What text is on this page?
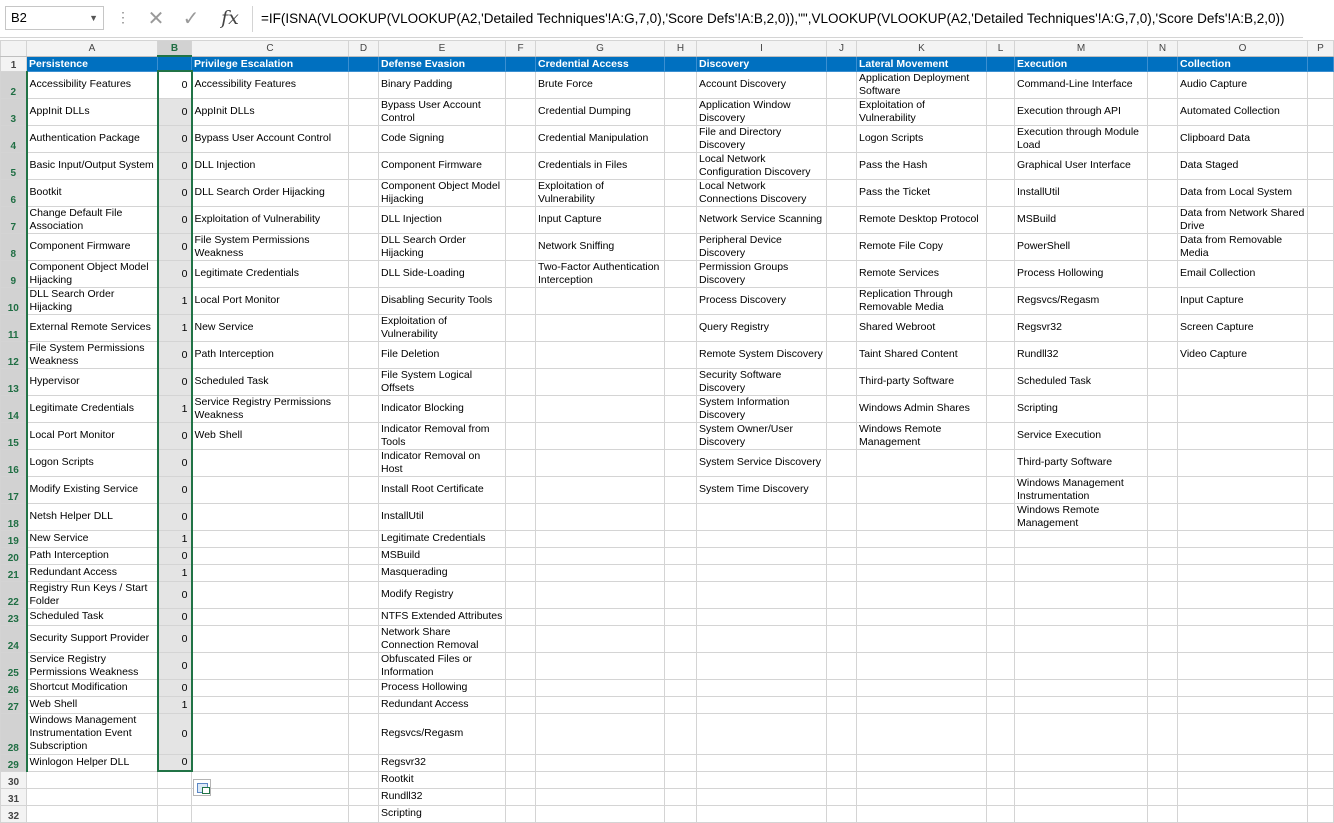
B2	▼ ⋮ ✕ ✓	fx	=IF(ISNA(VLOOKUP(VLOOKUP(A2,'Detailed Techniques'!A:G,7,0),'Score Defs'!A:B,2,0)),"",VLOOKUP(VLOOKUP(A2,'Detailed Techniques'!A:G,7,0),'Score Defs'!A:B,2,0))
	A	B	C	D	E	F	G	H	I	J	K	L	M	N	O	P
1	Persistence		Privilege Escalation		Defense Evasion		Credential Access		Discovery		Lateral Movement		Execution		Collection	
2	Accessibility Features	0	Accessibility Features		Binary Padding		Brute Force		Account Discovery		Application Deployment Software		Command-Line Interface		Audio Capture	
3	AppInit DLLs	0	AppInit DLLs		Bypass User Account Control		Credential Dumping		Application Window Discovery		Exploitation of Vulnerability		Execution through API		Automated Collection	
4	Authentication Package	0	Bypass User Account Control		Code Signing		Credential Manipulation		File and Directory Discovery		Logon Scripts		Execution through Module Load		Clipboard Data	
5	Basic Input/Output System	0	DLL Injection		Component Firmware		Credentials in Files		Local Network Configuration Discovery		Pass the Hash		Graphical User Interface		Data Staged	
6	Bootkit	0	DLL Search Order Hijacking		Component Object Model Hijacking		Exploitation of Vulnerability		Local Network Connections Discovery		Pass the Ticket		InstallUtil		Data from Local System	
7	Change Default File Association	0	Exploitation of Vulnerability		DLL Injection		Input Capture		Network Service Scanning		Remote Desktop Protocol		MSBuild		Data from Network Shared Drive	
8	Component Firmware	0	File System Permissions Weakness		DLL Search Order Hijacking		Network Sniffing		Peripheral Device Discovery		Remote File Copy		PowerShell		Data from Removable Media	
9	Component Object Model Hijacking	0	Legitimate Credentials		DLL Side-Loading		Two-Factor Authentication Interception		Permission Groups Discovery		Remote Services		Process Hollowing		Email Collection	
10	DLL Search Order Hijacking	1	Local Port Monitor		Disabling Security Tools				Process Discovery		Replication Through Removable Media		Regsvcs/Regasm		Input Capture	
11	External Remote Services	1	New Service		Exploitation of Vulnerability				Query Registry		Shared Webroot		Regsvr32		Screen Capture	
12	File System Permissions Weakness	0	Path Interception		File Deletion				Remote System Discovery		Taint Shared Content		Rundll32		Video Capture	
13	Hypervisor	0	Scheduled Task		File System Logical Offsets				Security Software Discovery		Third-party Software		Scheduled Task			
14	Legitimate Credentials	1	Service Registry Permissions Weakness		Indicator Blocking				System Information Discovery		Windows Admin Shares		Scripting			
15	Local Port Monitor	0	Web Shell		Indicator Removal from Tools				System Owner/User Discovery		Windows Remote Management		Service Execution			
16	Logon Scripts	0			Indicator Removal on Host				System Service Discovery				Third-party Software			
17	Modify Existing Service	0			Install Root Certificate				System Time Discovery				Windows Management Instrumentation			
18	Netsh Helper DLL	0			InstallUtil								Windows Remote Management			
19	New Service	1			Legitimate Credentials											
20	Path Interception	0			MSBuild											
21	Redundant Access	1			Masquerading											
22	Registry Run Keys / Start Folder	0			Modify Registry											
23	Scheduled Task	0			NTFS Extended Attributes											
24	Security Support Provider	0			Network Share Connection Removal											
25	Service Registry Permissions Weakness	0			Obfuscated Files or Information											
26	Shortcut Modification	0			Process Hollowing											
27	Web Shell	1			Redundant Access											
28	Windows Management Instrumentation Event Subscription	0			Regsvcs/Regasm											
29	Winlogon Helper DLL	0			Regsvr32											
30					Rootkit											
31					Rundll32											
32					Scripting											
